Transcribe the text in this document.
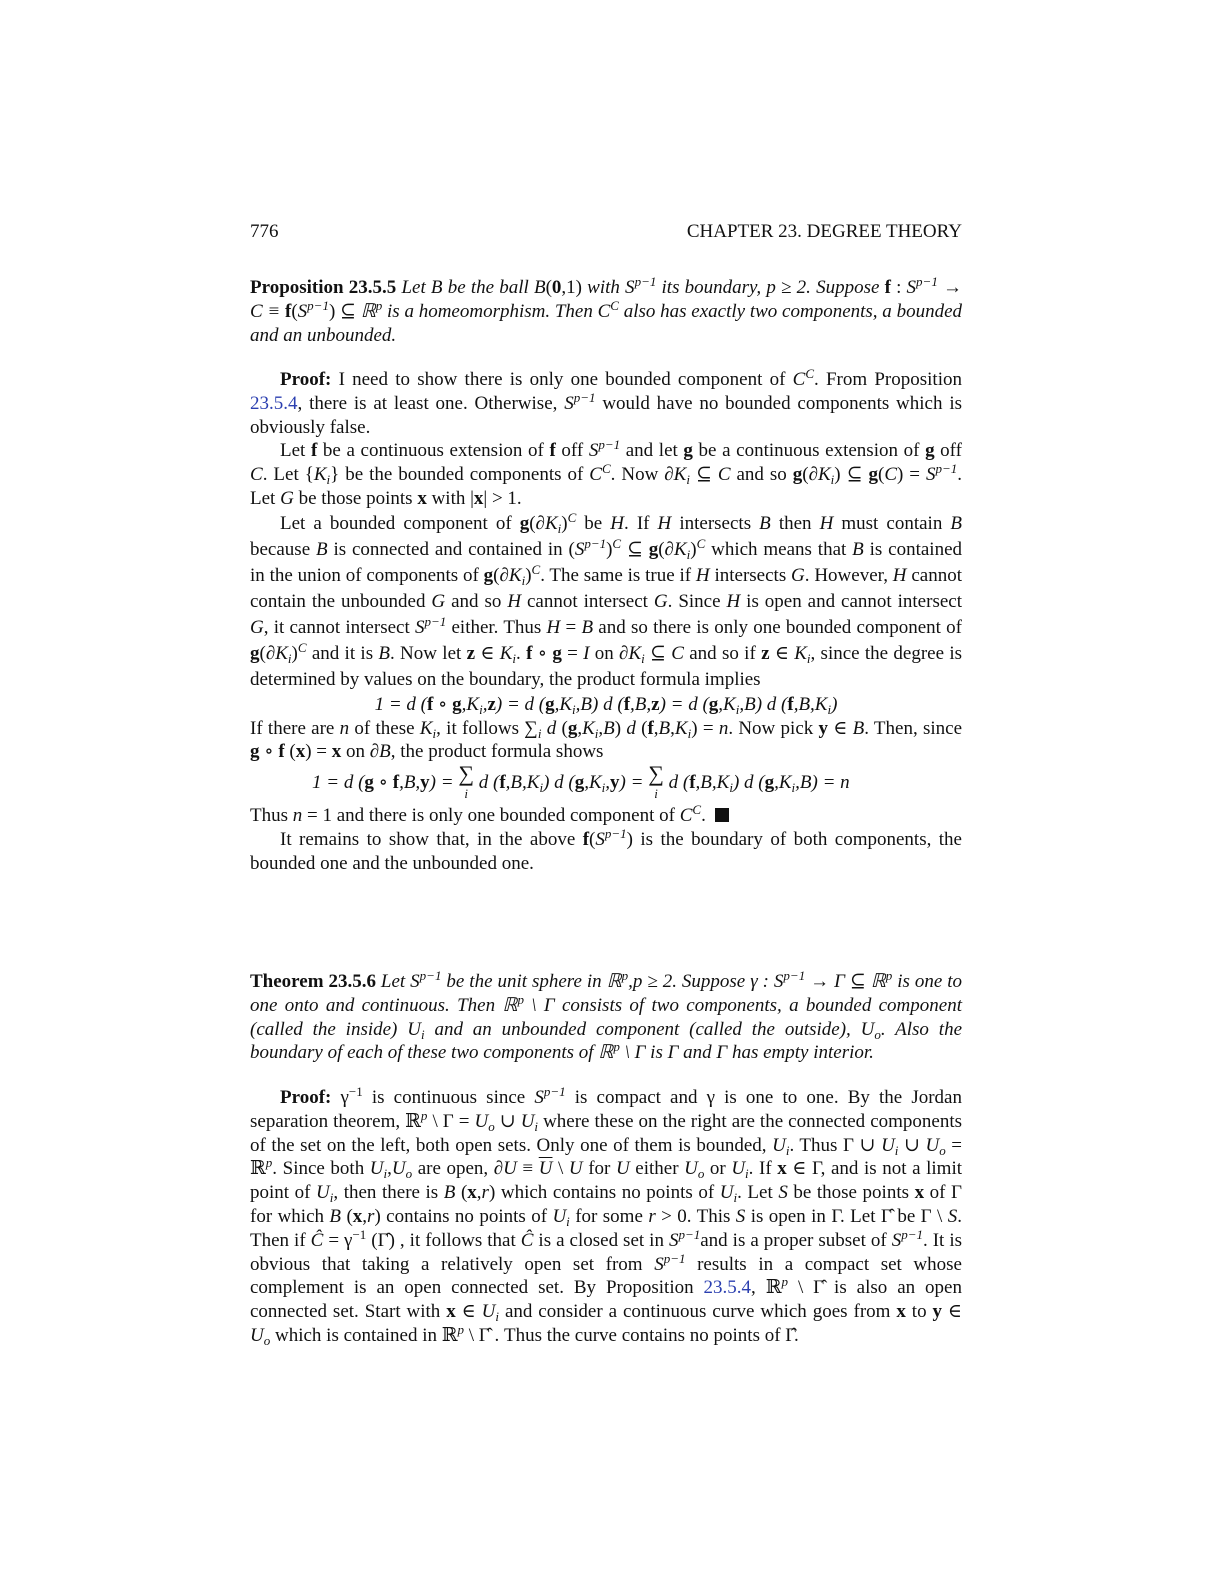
776	CHAPTER 23. DEGREE THEORY

Proposition 23.5.5 Let B be the ball B(0,1) with $S^{p-1}$ its boundary, p ≥ 2. Suppose f : $S^{p-1} \to C \equiv f(S^{p-1})$ ⊆ ℝ$^p$ is a homeomorphism. Then $C^C$ also has exactly two components, a bounded and an unbounded.

Proof: I need to show there is only one bounded component of $C^C$. From Proposition 23.5.4, there is at least one. Otherwise, $S^{p-1}$ would have no bounded components which is obviously false.

Let f be a continuous extension of f off $S^{p-1}$ and let g be a continuous extension of g off C. Let $\{K_i\}$ be the bounded components of $C^C$. Now $\partial K_i$ ⊆ C and so $g(\partial K_i)$ ⊆ $g(C) = S^{p-1}$. Let G be those points x with |x| > 1.

Let a bounded component of $g(\partial K_i)^C$ be H. If H intersects B then H must contain B because B is connected and contained in $(S^{p-1})^C$ ⊆ $g(\partial K_i)^C$ which means that B is contained in the union of components of $g(\partial K_i)^C$. The same is true if H intersects G. However, H cannot contain the unbounded G and so H cannot intersect G. Since H is open and cannot intersect G, it cannot intersect $S^{p-1}$ either. Thus H = B and so there is only one bounded component of $g(\partial K_i)^C$ and it is B. Now let z ∈ $K_i$. f ∘ g = I on $\partial K_i$ ⊆ C and so if z ∈ $K_i$, since the degree is determined by values on the boundary, the product formula implies

1 = d (f ∘ $g,K_i,z) = d$ $(g,K_i,B)$ d (f,B,z) = d $(g,K_i,B)$ d $(f,B,K_i)$

If there are n of these $K_i$, it follows $\sum_i$ d $(g,K_i,B)$ d $(f,B,K_i) = n$. Now pick y ∈ B. Then, since g ∘ f (x) = x on ∂B, the product formula shows

1 = d (g ∘ f,B,y) = ∑
i
d $(f,B,K_i)$ d $(g,K_i,y)$ = ∑
i
d $(f,B,K_i)$ d $(g,K_i,B) = n$

Thus n = 1 and there is only one bounded component of $C^C$.

It remains to show that, in the above $f(S^{p-1})$ is the boundary of both components, the bounded one and the unbounded one.

Theorem 23.5.6 Let $S^{p-1}$ be the unit sphere in ℝ$^p$,p ≥ 2. Suppose γ : $S^{p-1} \to \Gamma$ ⊆ ℝ$^p$ is one to one onto and continuous. Then ℝ$^p$ \ Γ consists of two components, a bounded component (called the inside) $U_i$ and an unbounded component (called the outside), $U_o$. Also the boundary of each of these two components of ℝ$^p$ \ Γ is Γ and Γ has empty interior.

Proof: $\gamma^{-1}$ is continuous since $S^{p-1}$ is compact and γ is one to one. By the Jordan separation theorem, ℝ$^p$ \ $\Gamma = U_o$ ∪ $U_i$ where these on the right are the connected components of the set on the left, both open sets. Only one of them is bounded, $U_i$. Thus Γ ∪ $U_i$ ∪ $U_o$ = ℝ$^p$. Since both $U_i,U_o$ are open, $\partial U \equiv \overline{U}$ \ U for U either $U_o$ or $U_i$. If x ∈ Γ, and is not a limit point of $U_i$, then there is B (x,r) which contains no points of $U_i$. Let S be those points x of Γ for which B (x,r) contains no points of $U_i$ for some r > 0. This S is open in Γ. Let Γ̂ be Γ \ S. Then if Ĉ = $\gamma^{-1}$ (Γ̂) , it follows that Ĉ is a closed set in $S^{p-1}and$ is a proper subset of $S^{p-1}$. It is obvious that taking a relatively open set from $S^{p-1}$ results in a compact set whose complement is an open connected set. By Proposition 23.5.4, ℝ$^p$ \ Γ̂ is also an open connected set. Start with x ∈ $U_i$ and consider a continuous curve which goes from x to y ∈ $U_o$ which is contained in ℝ$^p$ \ Γ̂ . Thus the curve contains no points of Γ̂.
